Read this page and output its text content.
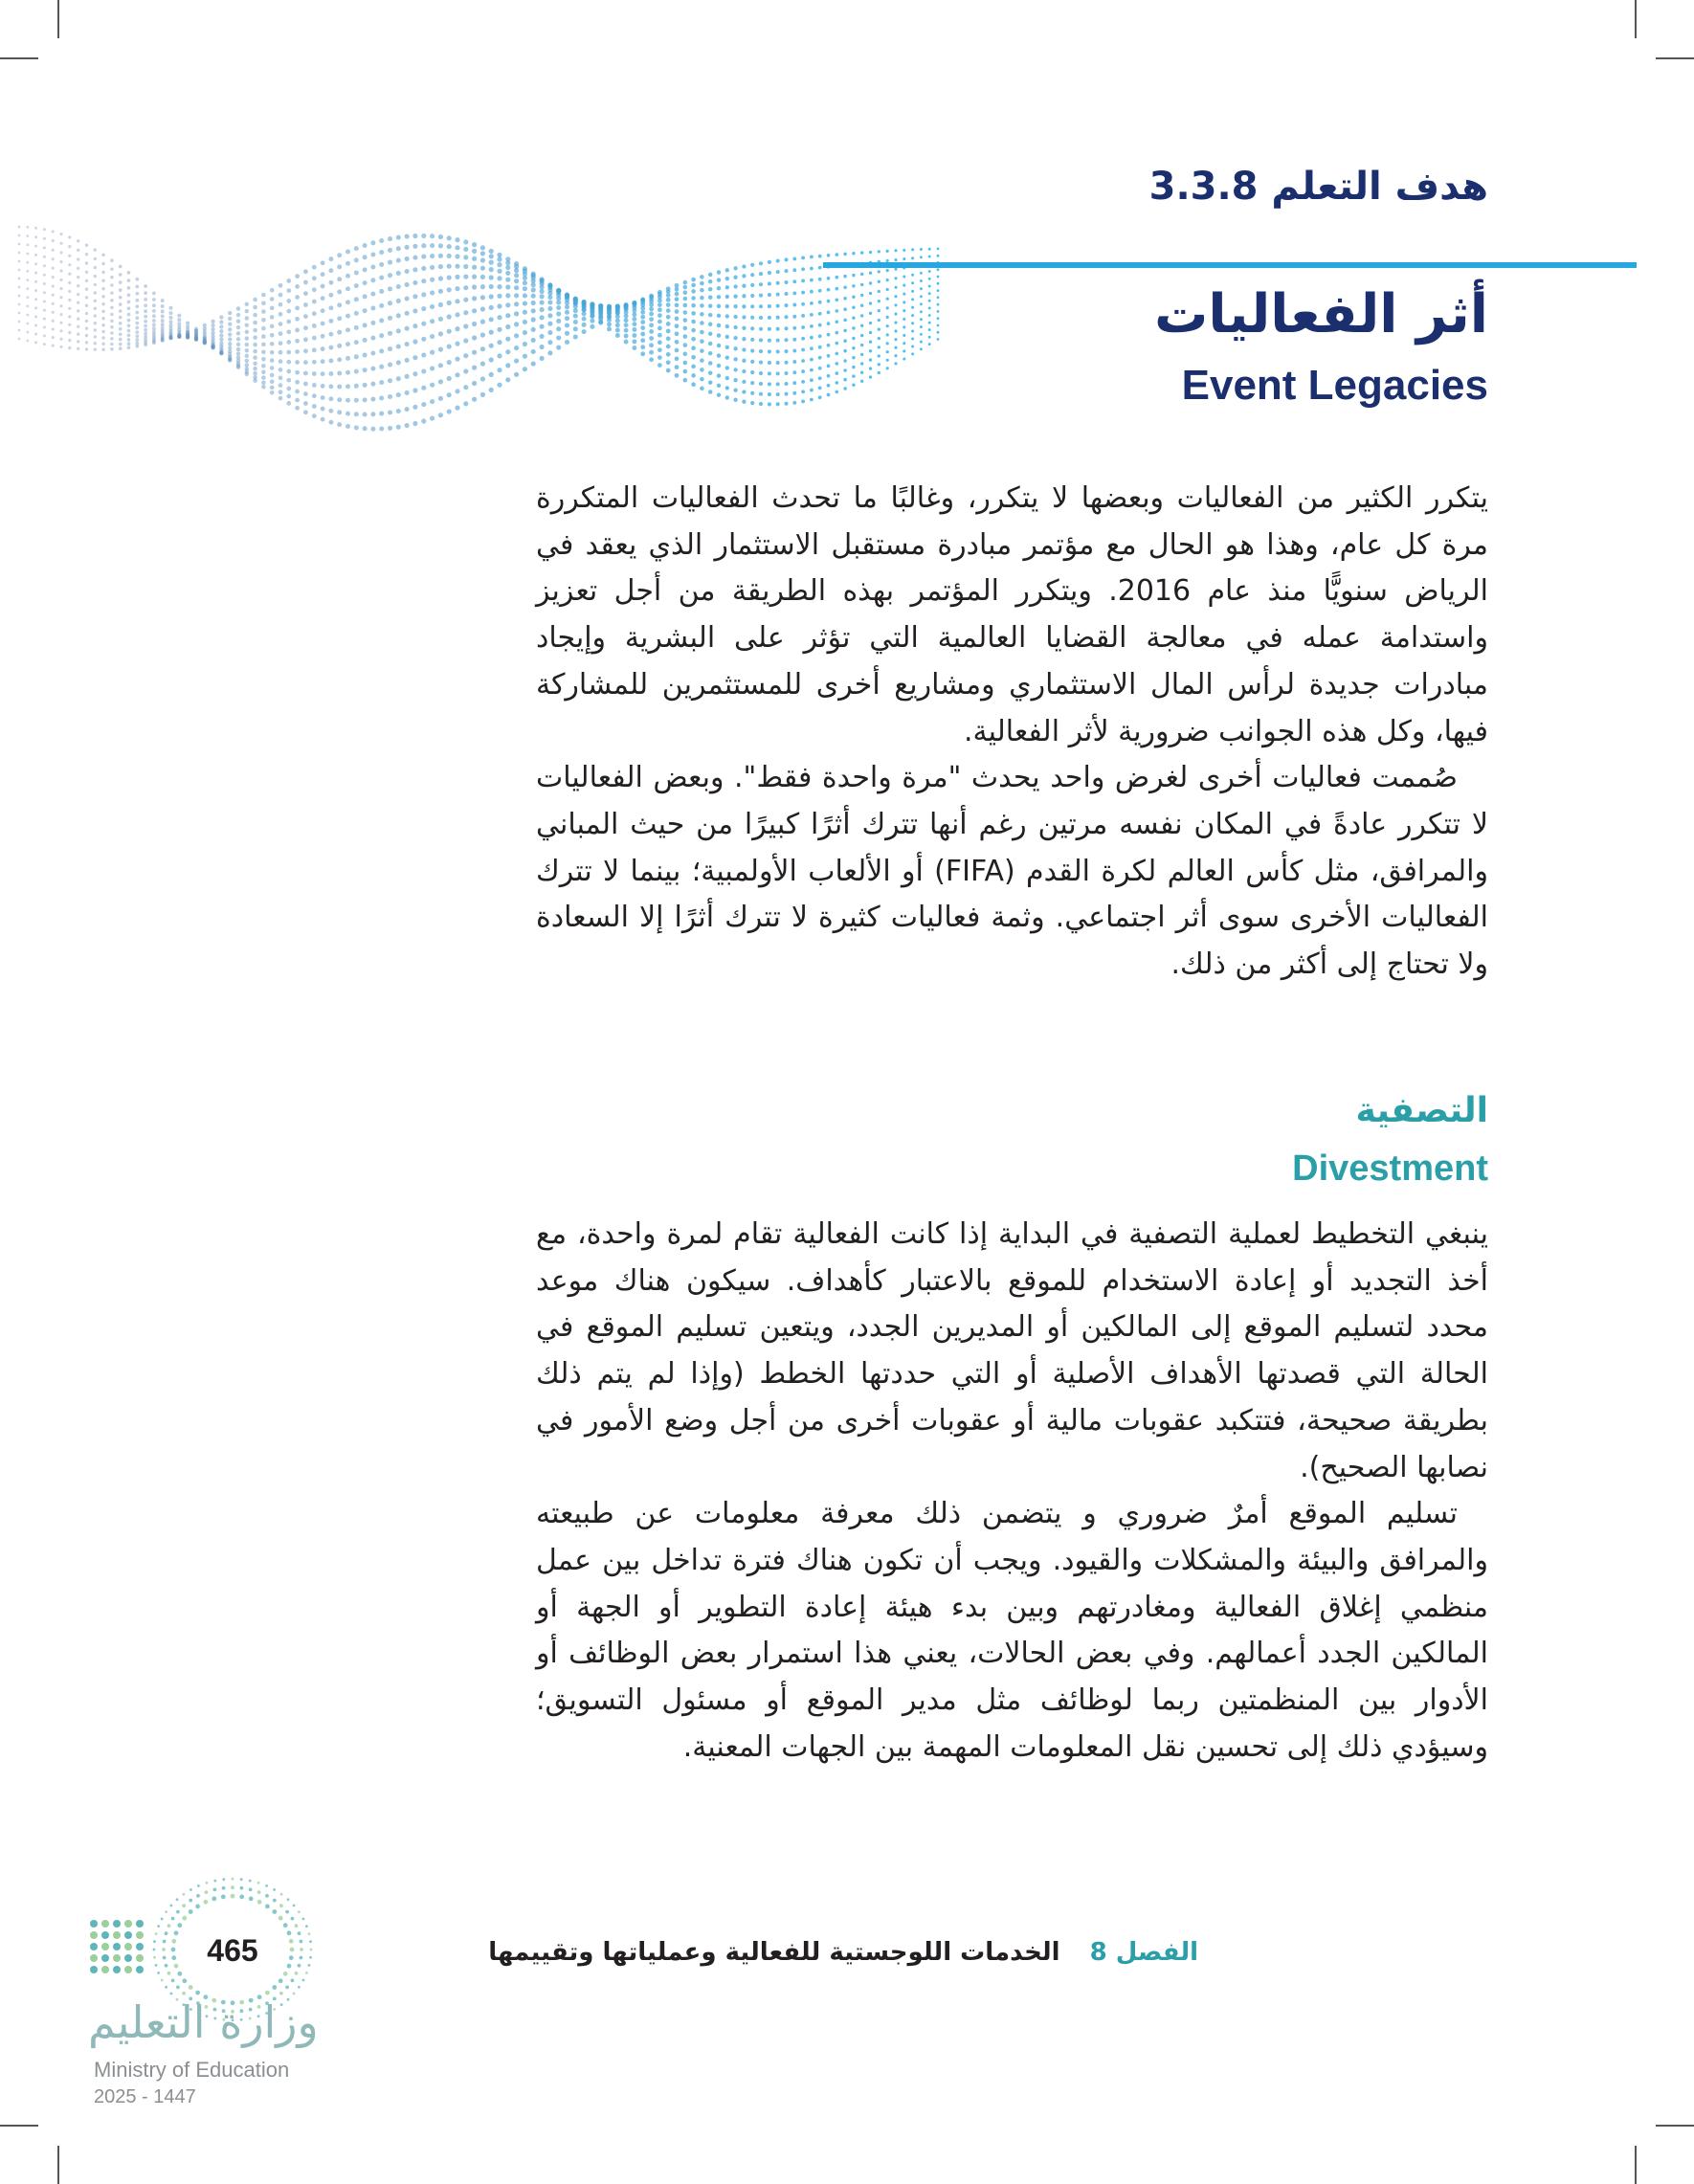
هدف التعلم 3.3.8
أثر الفعاليات
Event Legacies

يتكرر الكثير من الفعاليات وبعضها لا يتكرر، وغالبًا ما تحدث الفعاليات المتكررة مرة كل عام، وهذا هو الحال مع مؤتمر مبادرة مستقبل الاستثمار الذي يعقد في الرياض سنويًّا منذ عام 2016. ويتكرر المؤتمر بهذه الطريقة من أجل تعزيز واستدامة عمله في معالجة القضايا العالمية التي تؤثر على البشرية وإيجاد مبادرات جديدة لرأس المال الاستثماري ومشاريع أخرى للمستثمرين للمشاركة فيها، وكل هذه الجوانب ضرورية لأثر الفعالية.

صُممت فعاليات أخرى لغرض واحد يحدث "مرة واحدة فقط". وبعض الفعاليات لا تتكرر عادةً في المكان نفسه مرتين رغم أنها تترك أثرًا كبيرًا من حيث المباني والمرافق، مثل كأس العالم لكرة القدم (FIFA) أو الألعاب الأولمبية؛ بينما لا تترك الفعاليات الأخرى سوى أثر اجتماعي. وثمة فعاليات كثيرة لا تترك أثرًا إلا السعادة ولا تحتاج إلى أكثر من ذلك.

التصفية
Divestment

ينبغي التخطيط لعملية التصفية في البداية إذا كانت الفعالية تقام لمرة واحدة، مع أخذ التجديد أو إعادة الاستخدام للموقع بالاعتبار كأهداف. سيكون هناك موعد محدد لتسليم الموقع إلى المالكين أو المديرين الجدد، ويتعين تسليم الموقع في الحالة التي قصدتها الأهداف الأصلية أو التي حددتها الخطط (وإذا لم يتم ذلك بطريقة صحيحة، فتتكبد عقوبات مالية أو عقوبات أخرى من أجل وضع الأمور في نصابها الصحيح).

تسليم الموقع أمرٌ ضروري و يتضمن ذلك معرفة معلومات عن طبيعته والمرافق والبيئة والمشكلات والقيود. ويجب أن تكون هناك فترة تداخل بين عمل منظمي إغلاق الفعالية ومغادرتهم وبين بدء هيئة إعادة التطوير أو الجهة أو المالكين الجدد أعمالهم. وفي بعض الحالات، يعني هذا استمرار بعض الوظائف أو الأدوار بين المنظمتين ربما لوظائف مثل مدير الموقع أو مسئول التسويق؛ وسيؤدي ذلك إلى تحسين نقل المعلومات المهمة بين الجهات المعنية.

الفصل 8 الخدمات اللوجستية للفعالية وعملياتها وتقييمها
465
وزارة التعليم
Ministry of Education
2025 - 1447
